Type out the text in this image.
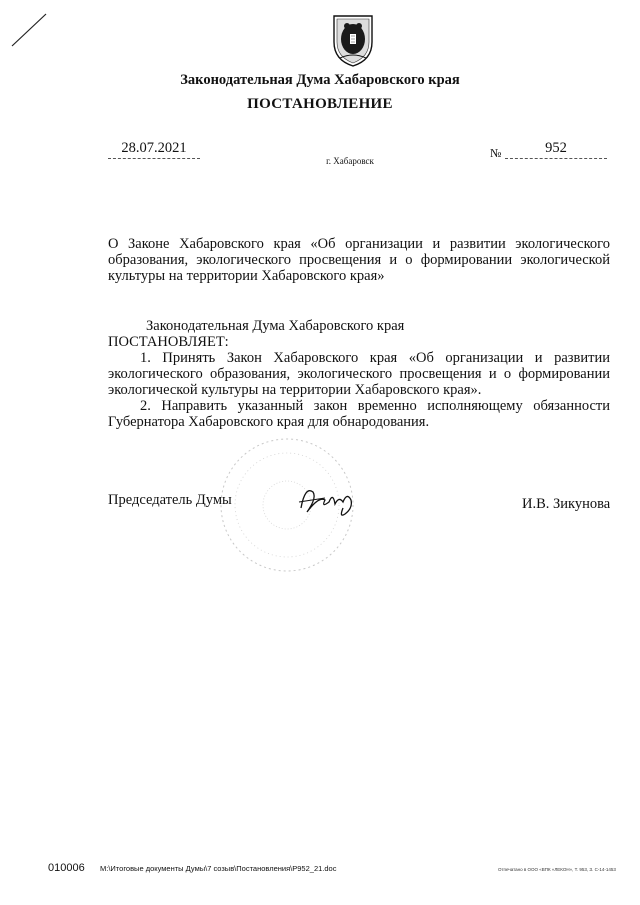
Законодательная Дума Хабаровского края
ПОСТАНОВЛЕНИЕ
28.07.2021
г. Хабаровск
№	952
О Законе Хабаровского края «Об организации и развитии экологического образования, экологического просвещения и о формировании экологической культуры на территории Хабаровского края»
Законодательная Дума Хабаровского края
ПОСТАНОВЛЯЕТ:
1. Принять Закон Хабаровского края «Об организации и развитии экологического образования, экологического просвещения и о формировании экологической культуры на территории Хабаровского края».
2. Направить указанный закон временно исполняющему обязанности Губернатора Хабаровского края для обнародования.
Председатель Думы	И.В. Зикунова
010006 M:\Итоговые документы Думы\7 созыв\Постановления\P952_21.doc	Отпечатано в ООО «ВПК «ЛЕКОН», Т. 953, З. С-14-1453
